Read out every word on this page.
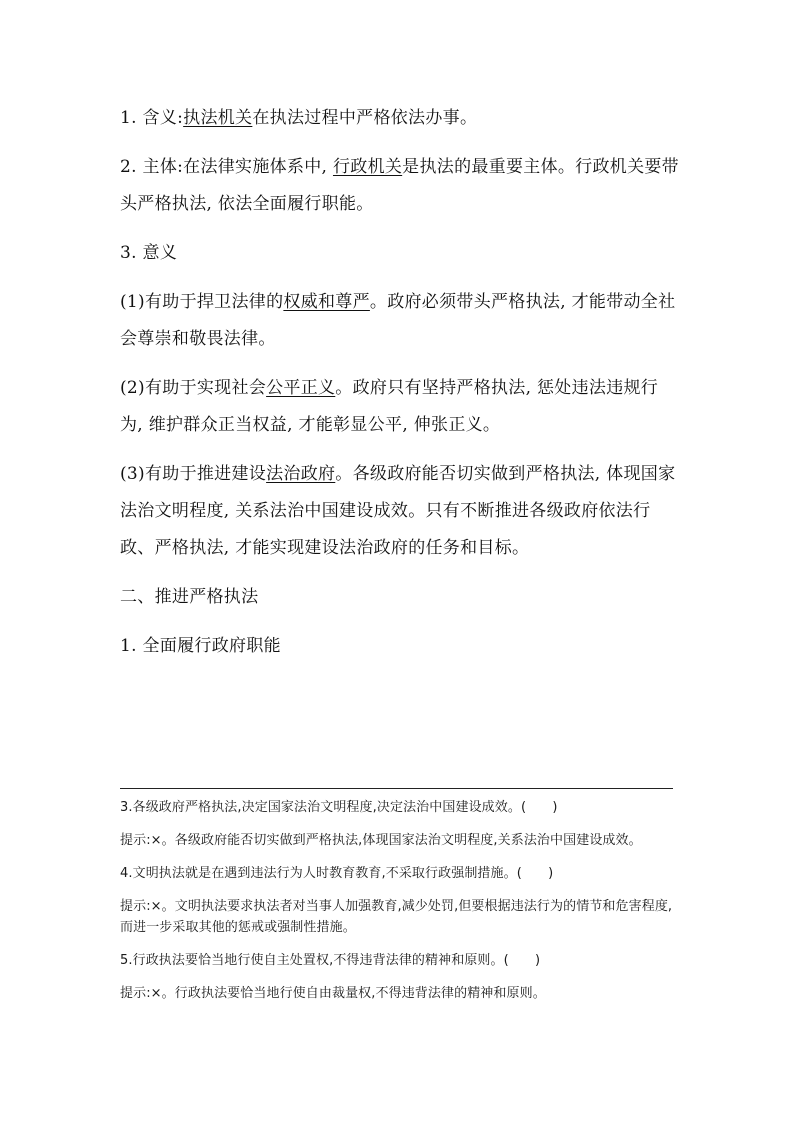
1. 含义:执法机关在执法过程中严格依法办事。

2. 主体:在法律实施体系中, 行政机关是执法的最重要主体。行政机关要带头严格执法, 依法全面履行职能。

3. 意义

(1)有助于捍卫法律的权威和尊严。政府必须带头严格执法, 才能带动全社会尊崇和敬畏法律。

(2)有助于实现社会公平正义。政府只有坚持严格执法, 惩处违法违规行为, 维护群众正当权益, 才能彰显公平, 伸张正义。

(3)有助于推进建设法治政府。各级政府能否切实做到严格执法, 体现国家法治文明程度, 关系法治中国建设成效。只有不断推进各级政府依法行政、严格执法, 才能实现建设法治政府的任务和目标。

二、推进严格执法

1. 全面履行政府职能

3.各级政府严格执法,决定国家法治文明程度,决定法治中国建设成效。(　　)

提示:×。各级政府能否切实做到严格执法,体现国家法治文明程度,关系法治中国建设成效。

4.文明执法就是在遇到违法行为人时教育教育,不采取行政强制措施。(　　)

提示:×。文明执法要求执法者对当事人加强教育,减少处罚,但要根据违法行为的情节和危害程度,而进一步采取其他的惩戒或强制性措施。

5.行政执法要恰当地行使自主处置权,不得违背法律的精神和原则。(　　)

提示:×。行政执法要恰当地行使自由裁量权,不得违背法律的精神和原则。
